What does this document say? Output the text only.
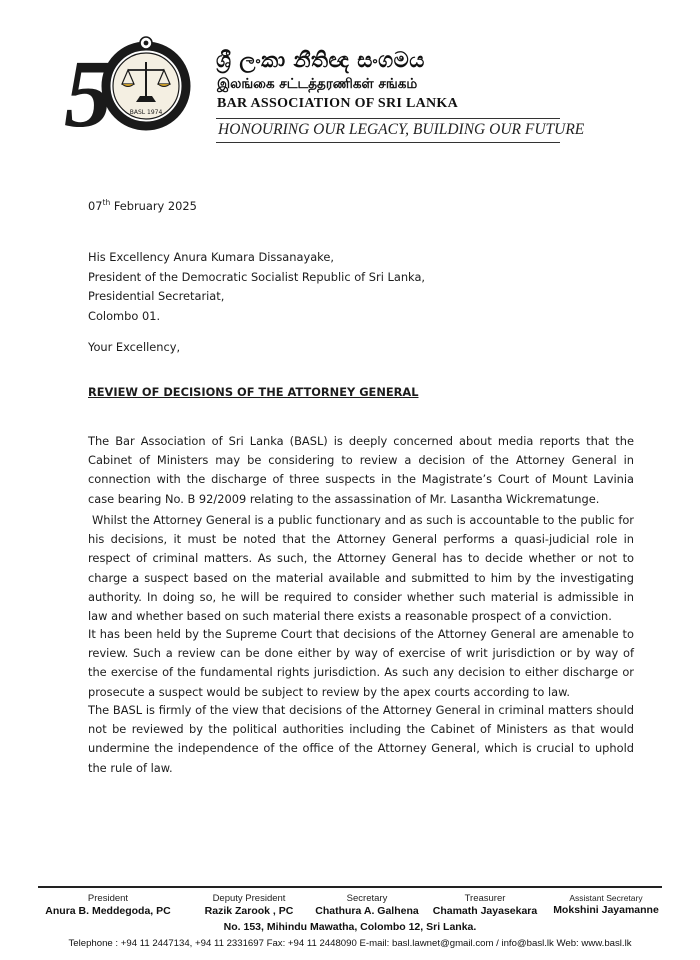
5	BASL 1974
ශ්‍රී ලංකා නීතිඥ සංගමය
இலங்கை சட்டத்தரணிகள் சங்கம்
BAR ASSOCIATION OF SRI LANKA
HONOURING OUR LEGACY, BUILDING OUR FUTURE
07th February 2025
His Excellency Anura Kumara Dissanayake,
President of the Democratic Socialist Republic of Sri Lanka,
Presidential Secretariat,
Colombo 01.
Your Excellency,
REVIEW OF DECISIONS OF THE ATTORNEY GENERAL

The Bar Association of Sri Lanka (BASL) is deeply concerned about media reports that the Cabinet of Ministers may be considering to review a decision of the Attorney General in connection with the discharge of three suspects in the Magistrate’s Court of Mount Lavinia case bearing No. B 92/2009 relating to the assassination of Mr. Lasantha Wickrematunge.

Whilst the Attorney General is a public functionary and as such is accountable to the public for his decisions, it must be noted that the Attorney General performs a quasi-judicial role in respect of criminal matters. As such, the Attorney General has to decide whether or not to charge a suspect based on the material available and submitted to him by the investigating authority. In doing so, he will be required to consider whether such material is admissible in law and whether based on such material there exists a reasonable prospect of a conviction.

It has been held by the Supreme Court that decisions of the Attorney General are amenable to review. Such a review can be done either by way of exercise of writ jurisdiction or by way of the exercise of the fundamental rights jurisdiction. As such any decision to either discharge or prosecute a suspect would be subject to review by the apex courts according to law.

The BASL is firmly of the view that decisions of the Attorney General in criminal matters should not be reviewed by the political authorities including the Cabinet of Ministers as that would undermine the independence of the office of the Attorney General, which is crucial to uphold the rule of law.

President
Anura B. Meddegoda, PC
Deputy President
Razik Zarook , PC
Secretary
Chathura A. Galhena
Treasurer
Chamath Jayasekara
Assistant Secretary
Mokshini Jayamanne
No. 153, Mihindu Mawatha, Colombo 12, Sri Lanka.
Telephone : +94 11 2447134, +94 11 2331697 Fax: +94 11 2448090 E-mail: basl.lawnet@gmail.com / info@basl.lk Web: www.basl.lk
